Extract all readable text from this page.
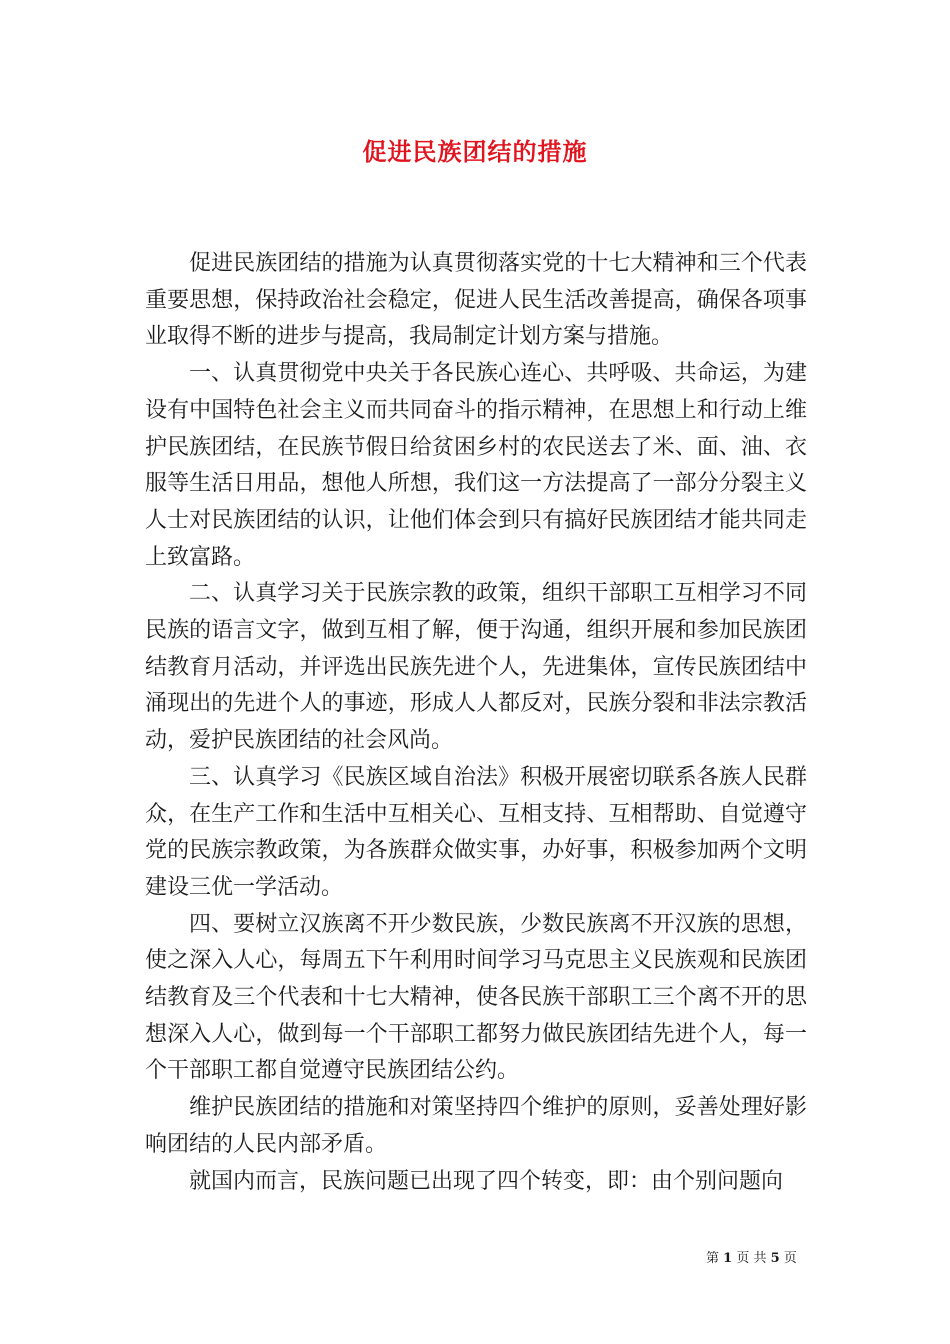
促进民族团结的措施

促进民族团结的措施为认真贯彻落实党的十七大精神和三个代表重要思想，保持政治社会稳定，促进人民生活改善提高，确保各项事业取得不断的进步与提高，我局制定计划方案与措施。

一、认真贯彻党中央关于各民族心连心、共呼吸、共命运，为建设有中国特色社会主义而共同奋斗的指示精神，在思想上和行动上维护民族团结，在民族节假日给贫困乡村的农民送去了米、面、油、衣服等生活日用品，想他人所想，我们这一方法提高了一部分分裂主义人士对民族团结的认识，让他们体会到只有搞好民族团结才能共同走上致富路。

二、认真学习关于民族宗教的政策，组织干部职工互相学习不同民族的语言文字，做到互相了解，便于沟通，组织开展和参加民族团结教育月活动，并评选出民族先进个人，先进集体，宣传民族团结中涌现出的先进个人的事迹，形成人人都反对，民族分裂和非法宗教活动，爱护民族团结的社会风尚。

三、认真学习《民族区域自治法》积极开展密切联系各族人民群众，在生产工作和生活中互相关心、互相支持、互相帮助、自觉遵守党的民族宗教政策，为各族群众做实事，办好事，积极参加两个文明建设三优一学活动。

四、要树立汉族离不开少数民族，少数民族离不开汉族的思想，使之深入人心，每周五下午利用时间学习马克思主义民族观和民族团结教育及三个代表和十七大精神，使各民族干部职工三个离不开的思想深入人心，做到每一个干部职工都努力做民族团结先进个人，每一个干部职工都自觉遵守民族团结公约。

维护民族团结的措施和对策坚持四个维护的原则，妥善处理好影响团结的人民内部矛盾。

就国内而言，民族问题已出现了四个转变，即：由个别问题向

第 1 页 共 5 页
